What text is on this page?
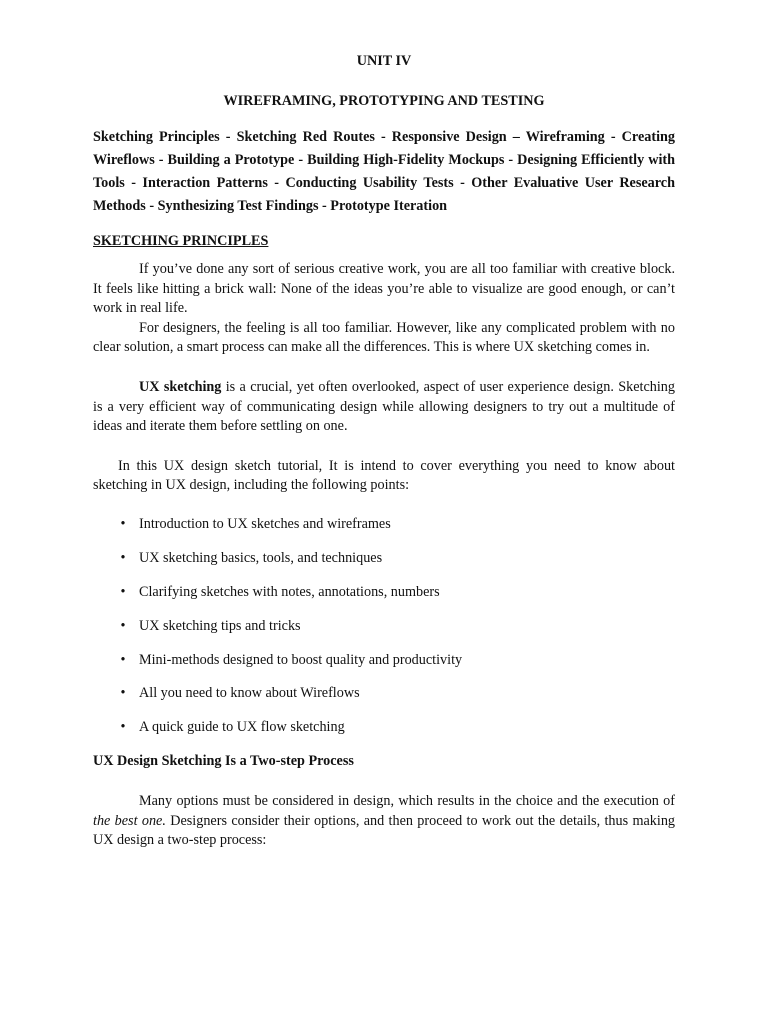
UNIT IV
WIREFRAMING, PROTOTYPING AND TESTING
Sketching Principles - Sketching Red Routes - Responsive Design – Wireframing - Creating Wireflows - Building a Prototype - Building High-Fidelity Mockups - Designing Efficiently with Tools - Interaction Patterns - Conducting Usability Tests - Other Evaluative User Research Methods - Synthesizing Test Findings - Prototype Iteration
SKETCHING PRINCIPLES

If you’ve done any sort of serious creative work, you are all too familiar with creative block. It feels like hitting a brick wall: None of the ideas you’re able to visualize are good enough, or can’t work in real life.

For designers, the feeling is all too familiar. However, like any complicated problem with no clear solution, a smart process can make all the differences. This is where UX sketching comes in.

UX sketching is a crucial, yet often overlooked, aspect of user experience design. Sketching is a very efficient way of communicating design while allowing designers to try out a multitude of ideas and iterate them before settling on one.

In this UX design sketch tutorial, It is intend to cover everything you need to know about sketching in UX design, including the following points:

• Introduction to UX sketches and wireframes
• UX sketching basics, tools, and techniques
• Clarifying sketches with notes, annotations, numbers
• UX sketching tips and tricks
• Mini-methods designed to boost quality and productivity
• All you need to know about Wireflows
• A quick guide to UX flow sketching
UX Design Sketching Is a Two-step Process

Many options must be considered in design, which results in the choice and the execution of the best one. Designers consider their options, and then proceed to work out the details, thus making UX design a two-step process:
